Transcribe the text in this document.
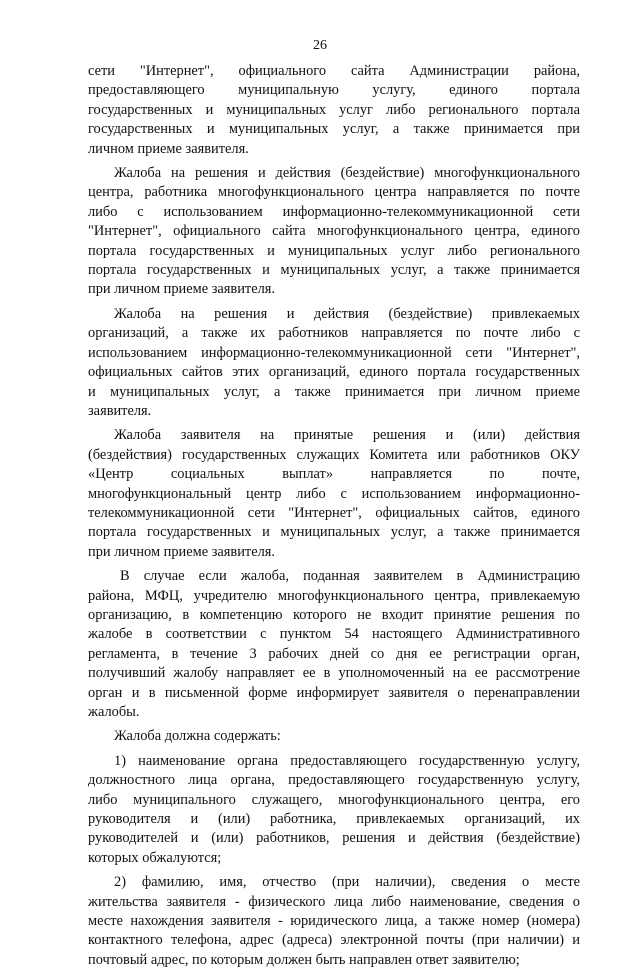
26

сети "Интернет", официального сайта Администрации района,

предоставляющего муниципальную услугу, единого портала

государственных и муниципальных услуг либо регионального портала

государственных и муниципальных услуг, а также принимается при

личном приеме заявителя.

Жалоба на решения и действия (бездействие) многофункционального

центра, работника многофункционального центра направляется по почте

либо с использованием информационно-телекоммуникационной сети

"Интернет", официального сайта многофункционального центра, единого

портала государственных и муниципальных услуг либо регионального

портала государственных и муниципальных услуг, а также принимается

при личном приеме заявителя.

Жалоба на решения и действия (бездействие) привлекаемых

организаций, а также их работников направляется по почте либо с

использованием информационно-телекоммуникационной сети "Интернет",

официальных сайтов этих организаций, единого портала государственных

и муниципальных услуг, а также принимается при личном приеме

заявителя.

Жалоба заявителя на принятые решения и (или) действия

(бездействия) государственных служащих Комитета или работников ОКУ

«Центр социальных выплат» направляется по почте,

многофункциональный центр либо с использованием информационно-

телекоммуникационной сети "Интернет", официальных сайтов, единого

портала государственных и муниципальных услуг, а также принимается

при личном приеме заявителя.

В случае если жалоба, поданная заявителем в Администрацию

района, МФЦ, учредителю многофункционального центра, привлекаемую

организацию, в компетенцию которого не входит принятие решения по

жалобе в соответствии с пунктом 54 настоящего Административного

регламента, в течение 3 рабочих дней со дня ее регистрации орган,

получивший жалобу направляет ее в уполномоченный на ее рассмотрение

орган и в письменной форме информирует заявителя о перенаправлении

жалобы.

Жалоба должна содержать:

1) наименование органа предоставляющего государственную услугу,

должностного лица органа, предоставляющего государственную услугу,

либо муниципального служащего, многофункционального центра, его

руководителя и (или) работника, привлекаемых организаций, их

руководителей и (или) работников, решения и действия (бездействие)

которых обжалуются;

2) фамилию, имя, отчество (при наличии), сведения о месте

жительства заявителя - физического лица либо наименование, сведения о

месте нахождения заявителя - юридического лица, а также номер (номера)

контактного телефона, адрес (адреса) электронной почты (при наличии) и

почтовый адрес, по которым должен быть направлен ответ заявителю;
